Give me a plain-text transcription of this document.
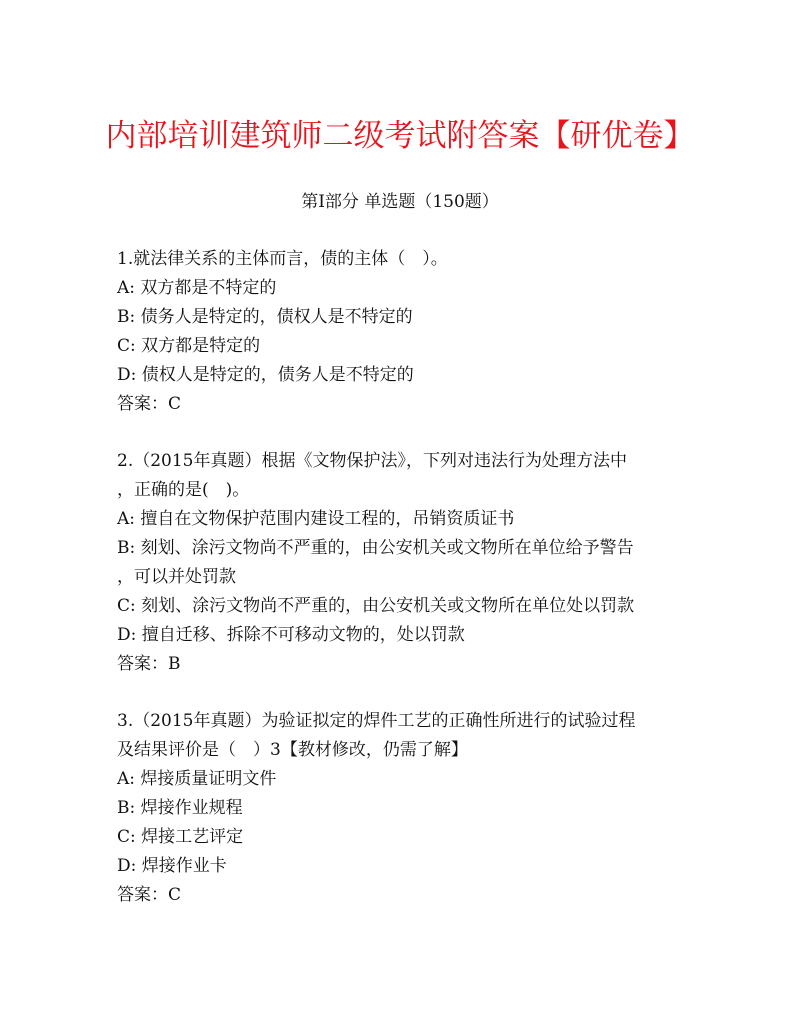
内部培训建筑师二级考试附答案【研优卷】
第I部分 单选题（150题）
1.就法律关系的主体而言，债的主体（　）。
A: 双方都是不特定的
B: 债务人是特定的，债权人是不特定的
C: 双方都是特定的
D: 债权人是特定的，债务人是不特定的
答案：C
2.（2015年真题）根据《文物保护法》，下列对违法行为处理方法中
，正确的是(　)。
A: 擅自在文物保护范围内建设工程的，吊销资质证书
B: 刻划、涂污文物尚不严重的，由公安机关或文物所在单位给予警告
，可以并处罚款
C: 刻划、涂污文物尚不严重的，由公安机关或文物所在单位处以罚款
D: 擅自迁移、拆除不可移动文物的，处以罚款
答案：B
3.（2015年真题）为验证拟定的焊件工艺的正确性所进行的试验过程
及结果评价是（　）3【教材修改，仍需了解】
A: 焊接质量证明文件
B: 焊接作业规程
C: 焊接工艺评定
D: 焊接作业卡
答案：C
